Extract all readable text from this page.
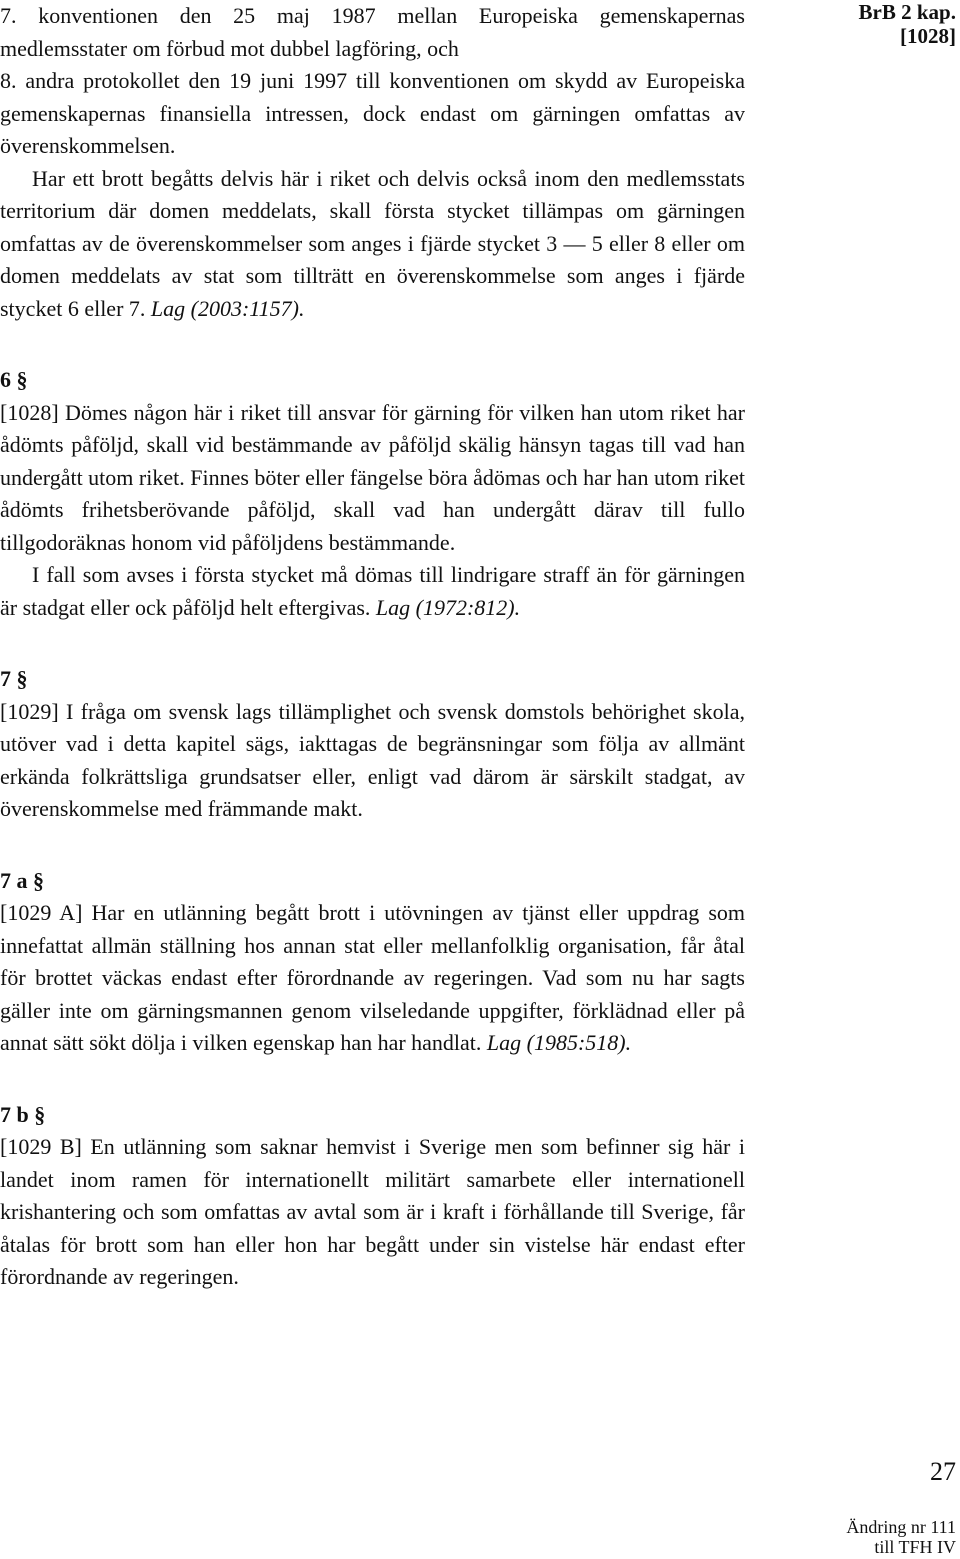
BrB 2 kap.
[1028]

7. konventionen den 25 maj 1987 mellan Europeiska gemenskapernas medlemsstater om förbud mot dubbel lagföring, och

8. andra protokollet den 19 juni 1997 till konventionen om skydd av Europeiska gemenskapernas finansiella intressen, dock endast om gärningen omfattas av överenskommelsen.

Har ett brott begåtts delvis här i riket och delvis också inom den medlemsstats territorium där domen meddelats, skall första stycket tillämpas om gärningen omfattas av de överenskommelser som anges i fjärde stycket 3 — 5 eller 8 eller om domen meddelats av stat som tillträtt en överenskommelse som anges i fjärde stycket 6 eller 7. Lag (2003:1157).

6 §

[1028] Dömes någon här i riket till ansvar för gärning för vilken han utom riket har ådömts påföljd, skall vid bestämmande av påföljd skälig hänsyn tagas till vad han undergått utom riket. Finnes böter eller fängelse böra ådömas och har han utom riket ådömts frihetsberövande påföljd, skall vad han undergått därav till fullo tillgodoräknas honom vid påföljdens bestämmande.

I fall som avses i första stycket må dömas till lindrigare straff än för gärningen är stadgat eller ock påföljd helt eftergivas. Lag (1972:812).

7 §

[1029] I fråga om svensk lags tillämplighet och svensk domstols behörighet skola, utöver vad i detta kapitel sägs, iakttagas de begränsningar som följa av allmänt erkända folkrättsliga grundsatser eller, enligt vad därom är särskilt stadgat, av överenskommelse med främmande makt.

7 a §

[1029 A] Har en utlänning begått brott i utövningen av tjänst eller uppdrag som innefattat allmän ställning hos annan stat eller mellanfolklig organisation, får åtal för brottet väckas endast efter förordnande av regeringen. Vad som nu har sagts gäller inte om gärningsmannen genom vilseledande uppgifter, förklädnad eller på annat sätt sökt dölja i vilken egenskap han har handlat. Lag (1985:518).

7 b §

[1029 B] En utlänning som saknar hemvist i Sverige men som befinner sig här i landet inom ramen för internationellt militärt samarbete eller internationell krishantering och som omfattas av avtal som är i kraft i förhållande till Sverige, får åtalas för brott som han eller hon har begått under sin vistelse här endast efter förordnande av regeringen.

27
Ändring nr 111
till TFH IV
